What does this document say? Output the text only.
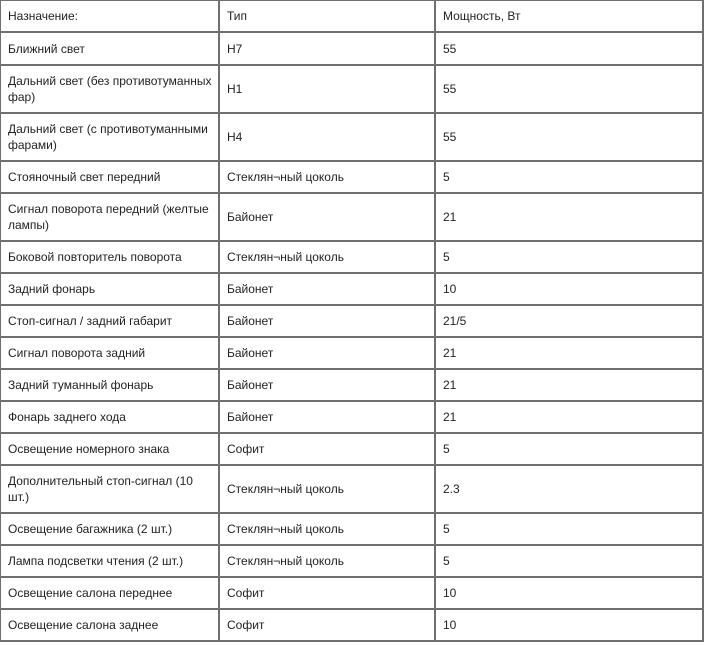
Назначение:	Тип	Мощность, Вт
Ближний свет	H7	55
Дальний свет (без противотуманных фар)	H1	55
Дальний свет (с противотуманными фарами)	H4	55
Стояночный свет передний	Стеклян¬ный цоколь	5
Сигнал поворота передний (желтые лампы)	Байонет	21
Боковой повторитель поворота	Стеклян¬ный цоколь	5
Задний фонарь	Байонет	10
Стоп-сигнал / задний габарит	Байонет	21/5
Сигнал поворота задний	Байонет	21
Задний туманный фонарь	Байонет	21
Фонарь заднего хода	Байонет	21
Освещение номерного знака	Софит	5
Дополнительный стоп-сигнал (10 шт.)	Стеклян¬ный цоколь	2.3
Освещение багажника (2 шт.)	Стеклян¬ный цоколь	5
Лампа подсветки чтения (2 шт.)	Стеклян¬ный цоколь	5
Освещение салона переднее	Софит	10
Освещение салона заднее	Софит	10
